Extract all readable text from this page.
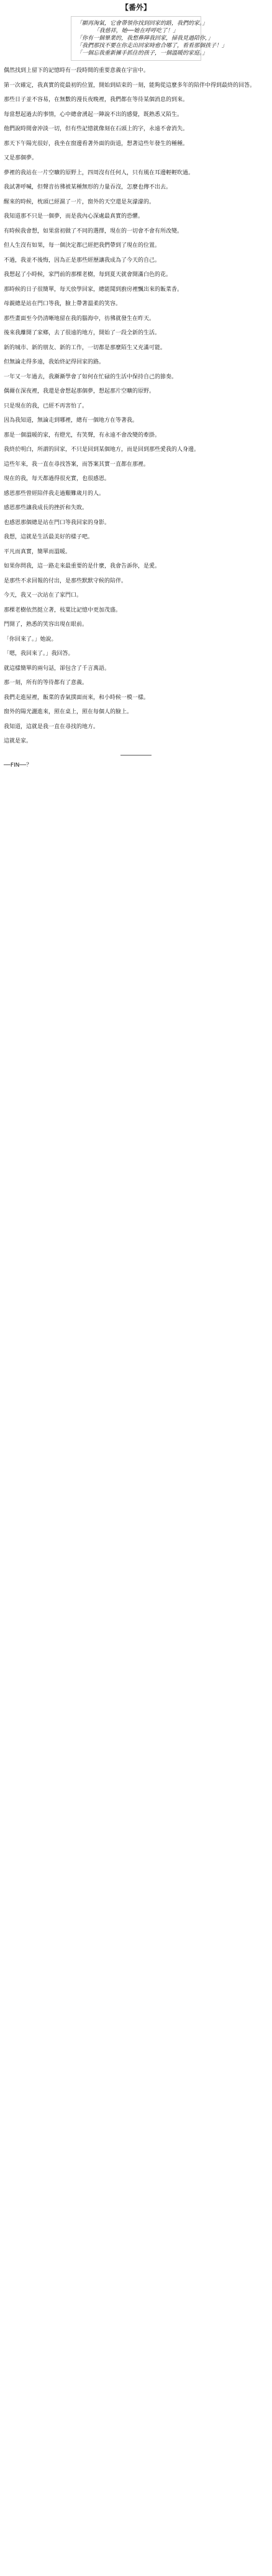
【番外】
「願再淘氣，它會帶領你找到回家的路，我們的家。」
「我慈祥，她──她在呼呼吃了！」
「你有一個畢業的，我想鼻陣我回家，掃我見過陪你，」
「我們那找不要在你走出回家時愈合哪了，看看那個孩子！」
「一個忘我重新擁手抓住的孩子，一個溫暖的家庭。」

偶然找到上留下的記憶時有一段時間的重要意義在宇宙中。

第一次確定，我真實的從最初的位置，開始到結束的一刻，能夠從這麼多年的陪伴中得到最終的回答。

那些日子並不容易，在無數的漫長夜晚裡，我們都在等待某個消息的到來。

每當想起過去的事情，心中總會湧起一陣說不出的感覺，既熟悉又陌生。

他們說時間會沖淡一切，但有些記憶就像刻在石頭上的字，永遠不會消失。

那天下午陽光很好，我坐在窗邊看著外面的街道，想著這些年發生的種種。

又是那個夢。

夢裡的我站在一片空曠的原野上，四周沒有任何人，只有風在耳邊輕輕吹過。

我試著呼喊，但聲音彷彿被某種無形的力量吞沒，怎麼也傳不出去。

醒來的時候，枕頭已經濕了一片，窗外的天空還是灰濛濛的。

我知道那不只是一個夢，而是我內心深處最真實的恐懼。

有時候我會想，如果當初做了不同的選擇，現在的一切會不會有所改變。

但人生沒有如果，每一個決定都已經把我們帶到了現在的位置。

不過，我並不後悔，因為正是那些經歷讓我成為了今天的自己。

我想起了小時候，家門前的那棵老樹，每到夏天就會開滿白色的花。

那時候的日子很簡單，每天放學回家，總能聞到廚房裡飄出來的飯菜香。

母親總是站在門口等我，臉上帶著溫柔的笑容。

那些畫面至今仍清晰地留在我的腦海中，彷彿就發生在昨天。

後來我離開了家鄉，去了很遠的地方，開始了一段全新的生活。

新的城市、新的朋友、新的工作，一切都是那麼陌生又充滿可能。

但無論走得多遠，我始終記得回家的路。

一年又一年過去，我漸漸學會了如何在忙碌的生活中保持自己的節奏。

偶爾在深夜裡，我還是會想起那個夢，想起那片空曠的原野。

只是現在的我，已經不再害怕了。

因為我知道，無論走到哪裡，總有一個地方在等著我。

那是一個溫暖的家，有燈光，有笑聲，有永遠不會改變的牽掛。

我終於明白，所謂的回家，不只是回到某個地方，而是回到那些愛我的人身邊。

這些年來，我一直在尋找答案，而答案其實一直都在那裡。

現在的我，每天都過得很充實，也很感恩。

感恩那些曾經陪伴我走過艱難歲月的人。

感恩那些讓我成長的挫折和失敗。

也感恩那個總是站在門口等我回家的身影。

我想，這就是生活最美好的樣子吧。

平凡而真實，簡單而溫暖。

如果你問我，這一路走來最重要的是什麼，我會告訴你，是愛。

是那些不求回報的付出，是那些默默守候的陪伴。

今天，我又一次站在了家門口。

那棵老樹依然挺立著，枝葉比記憶中更加茂盛。

門開了，熟悉的笑容出現在眼前。

「你回來了。」她說。

「嗯，我回來了。」我回答。

就這樣簡單的兩句話，卻包含了千言萬語。

那一刻，所有的等待都有了意義。

我們走進屋裡，飯菜的香氣撲面而來，和小時候一模一樣。

窗外的陽光灑進來，照在桌上，照在每個人的臉上。

我知道，這就是我一直在尋找的地方。

這就是家。

──FIN──？
